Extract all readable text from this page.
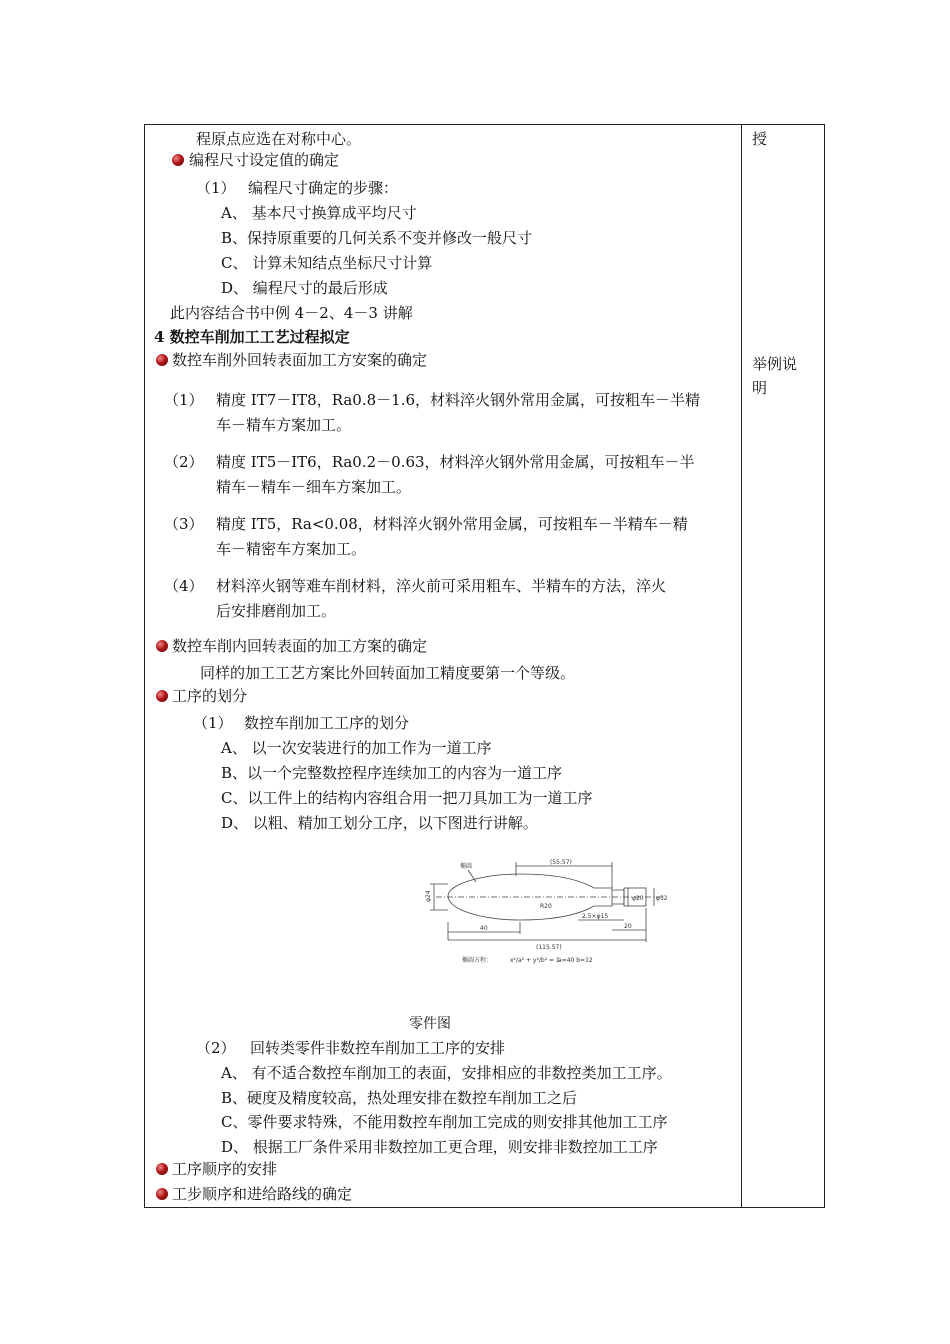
程原点应选在对称中心。
编程尺寸设定值的确定
（1） 编程尺寸确定的步骤：
A、 基本尺寸换算成平均尺寸
B、保持原重要的几何关系不变并修改一般尺寸
C、 计算未知结点坐标尺寸计算
D、 编程尺寸的最后形成
此内容结合书中例 4－2、4－3 讲解
4 数控车削加工工艺过程拟定
数控车削外回转表面加工方安案的确定
（1） 精度 IT7－IT8，Ra0.8－1.6，材料淬火钢外常用金属，可按粗车－半精
车－精车方案加工。
（2） 精度 IT5－IT6，Ra0.2－0.63，材料淬火钢外常用金属，可按粗车－半
精车－精车－细车方案加工。
（3） 精度 IT5，Ra<0.08，材料淬火钢外常用金属，可按粗车－半精车－精
车－精密车方案加工。
（4） 材料淬火钢等难车削材料，淬火前可采用粗车、半精车的方法，淬火
后安排磨削加工。
数控车削内回转表面的加工方案的确定
同样的加工工艺方案比外回转面加工精度要第一个等级。
工序的划分
（1） 数控车削加工工序的划分
A、 以一次安装进行的加工作为一道工序
B、以一个完整数控程序连续加工的内容为一道工序
C、以工件上的结构内容组合用一把刀具加工为一道工序
D、 以粗、精加工划分工序，以下图进行讲解。
椭圆
(55.57)
40	20
(115.57)
2.5×φ15
φ24	φ32
φ20
R20
椭圆方程：	x²/a² + y²/b² = 1
a=40 b=12
零件图
（2） 回转类零件非数控车削加工工序的安排
A、 有不适合数控车削加工的表面，安排相应的非数控类加工工序。
B、硬度及精度较高，热处理安排在数控车削加工之后
C、零件要求特殊，不能用数控车削加工完成的则安排其他加工工序
D、 根据工厂条件采用非数控加工更合理，则安排非数控加工工序
工序顺序的安排
工步顺序和进给路线的确定
授
举例说
明
